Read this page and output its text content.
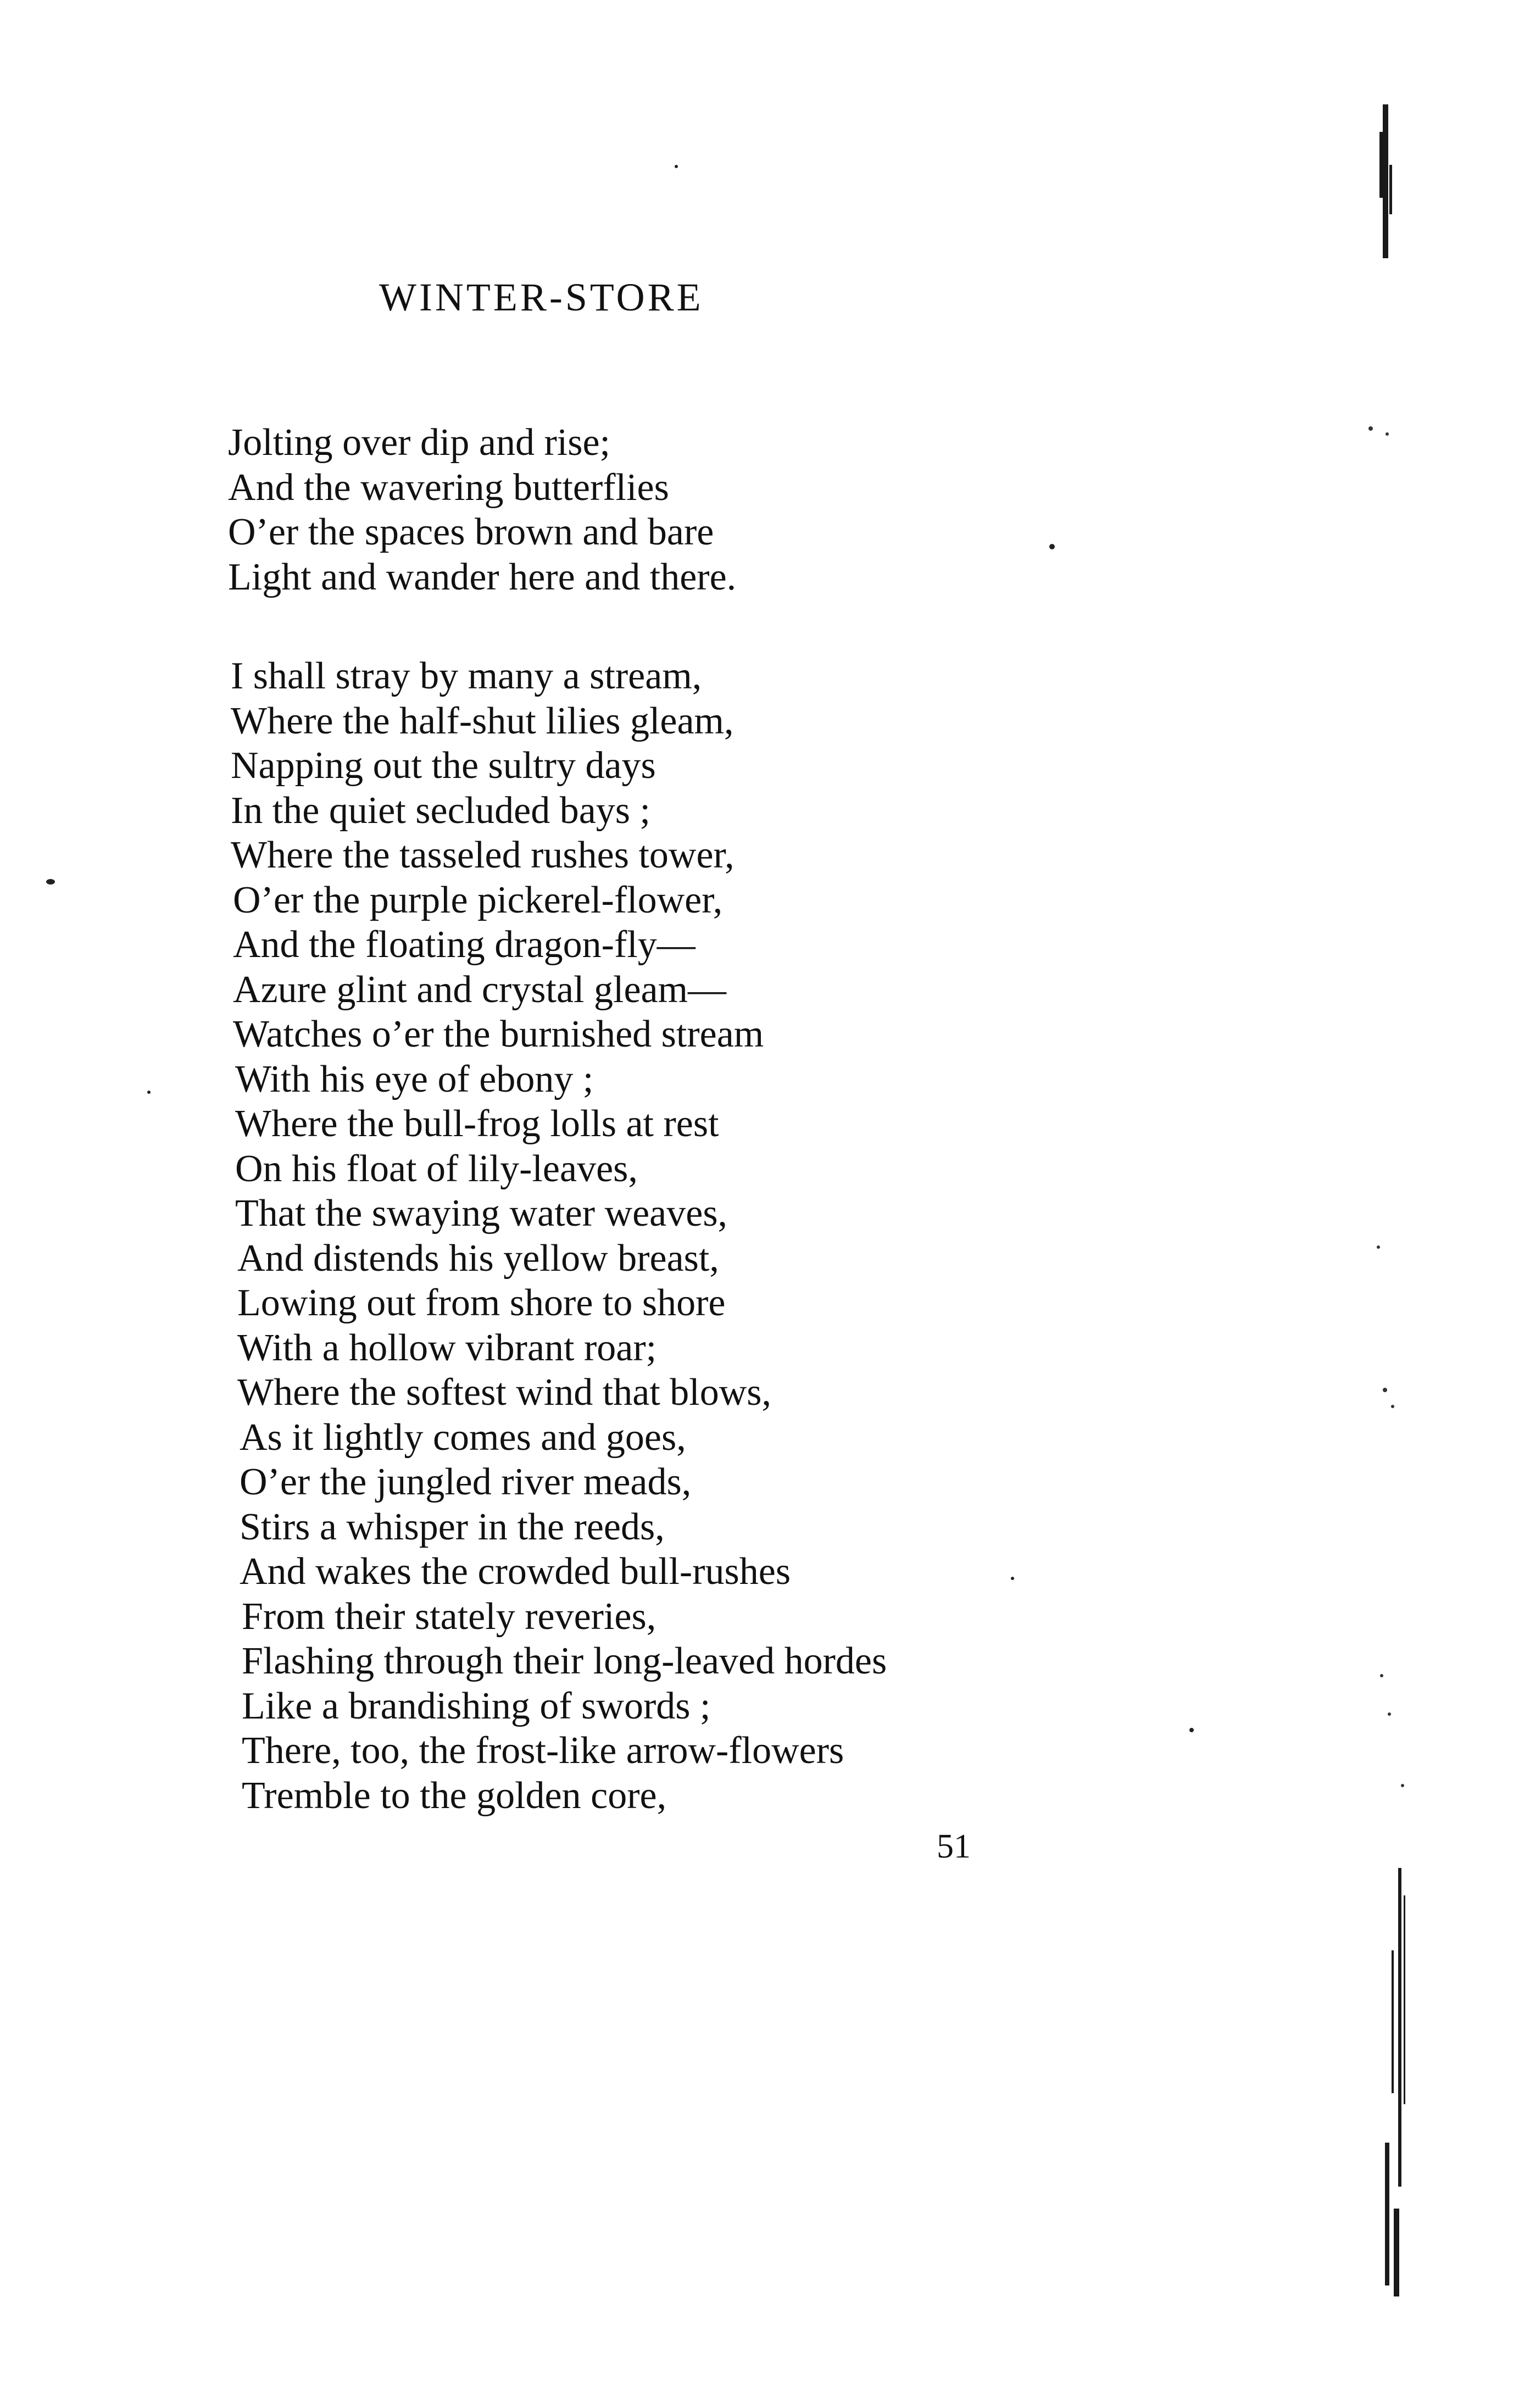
WINTER-STORE
Jolting over dip and rise;
And the wavering butterflies
O’er the spaces brown and bare
Light and wander here and there.
I shall stray by many a stream,
Where the half-shut lilies gleam,
Napping out the sultry days
In the quiet secluded bays ;
Where the tasseled rushes tower,
O’er the purple pickerel-flower,
And the floating dragon-fly—
Azure glint and crystal gleam—
Watches o’er the burnished stream
With his eye of ebony ;
Where the bull-frog lolls at rest
On his float of lily-leaves,
That the swaying water weaves,
And distends his yellow breast,
Lowing out from shore to shore
With a hollow vibrant roar;
Where the softest wind that blows,
As it lightly comes and goes,
O’er the jungled river meads,
Stirs a whisper in the reeds,
And wakes the crowded bull-rushes
From their stately reveries,
Flashing through their long-leaved hordes
Like a brandishing of swords ;
There, too, the frost-like arrow-flowers
Tremble to the golden core,
51
